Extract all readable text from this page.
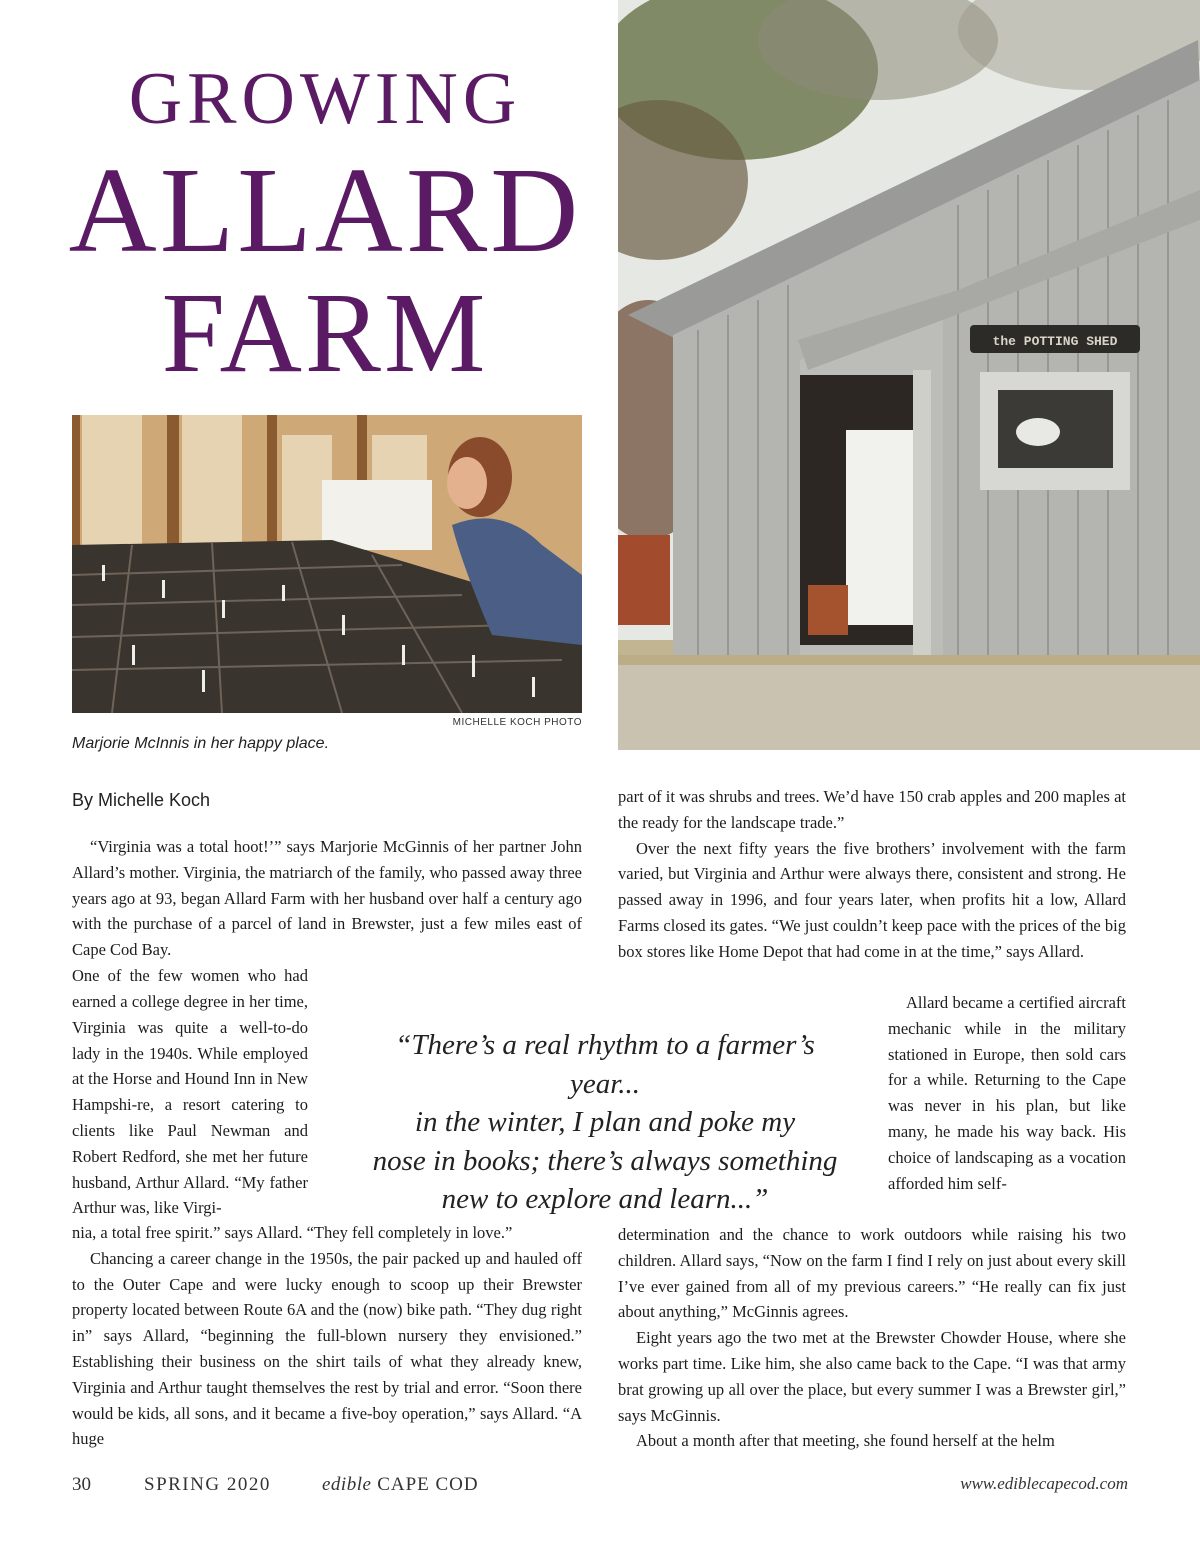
GROWING
ALLARD
FARM	the POTTING SHED
MICHELLE KOCH PHOTO
Marjorie McInnis in her happy place.
By Michelle Koch

“Virginia was a total hoot!’” says Marjorie McGinnis of her partner John Allard’s mother. Virginia, the matriarch of the family, who passed away three years ago at 93, began Allard Farm with her husband over half a century ago with the purchase of a parcel of land in Brewster, just a few miles east of Cape Cod Bay.

One of the few women who had earned a college degree in her time, Virginia was quite a well-to-do lady in the 1940s. While employed at the Horse and Hound Inn in New Hampshi-re, a resort catering to clients like Paul Newman and Robert Redford, she met her future husband, Arthur Allard. “My father Arthur was, like Virgi-

nia, a total free spirit.” says Allard. “They fell completely in love.”

Chancing a career change in the 1950s, the pair packed up and hauled off to the Outer Cape and were lucky enough to scoop up their Brewster property located between Route 6A and the (now) bike path. “They dug right in” says Allard, “beginning the full-blown nursery they envisioned.” Establishing their business on the shirt tails of what they already knew, Virginia and Arthur taught themselves the rest by trial and error. “Soon there would be kids, all sons, and it became a five-boy operation,” says Allard. “A huge

part of it was shrubs and trees. We’d have 150 crab apples and 200 maples at the ready for the landscape trade.”

Over the next fifty years the five brothers’ involvement with the farm varied, but Virginia and Arthur were always there, consistent and strong. He passed away in 1996, and four years later, when profits hit a low, Allard Farms closed its gates. “We just couldn’t keep pace with the prices of the big box stores like Home Depot that had come in at the time,” says Allard.

Allard became a certified aircraft mechanic while in the military stationed in Europe, then sold cars for a while. Returning to the Cape was never in his plan, but like many, he made his way back. His choice of landscaping as a vocation afforded him self-

determination and the chance to work outdoors while raising his two children. Allard says, “Now on the farm I find I rely on just about every skill I’ve ever gained from all of my previous careers.” “He really can fix just about anything,” McGinnis agrees.

Eight years ago the two met at the Brewster Chowder House, where she works part time. Like him, she also came back to the Cape. “I was that army brat growing up all over the place, but every summer I was a Brewster girl,” says McGinnis.

About a month after that meeting, she found herself at the helm

“There’s a real rhythm to a farmer’s year...
in the winter, I plan and poke my
nose in books; there’s always something
new to explore and learn...”
30	SPRING 2020	edible CAPE COD	www.ediblecapecod.com
